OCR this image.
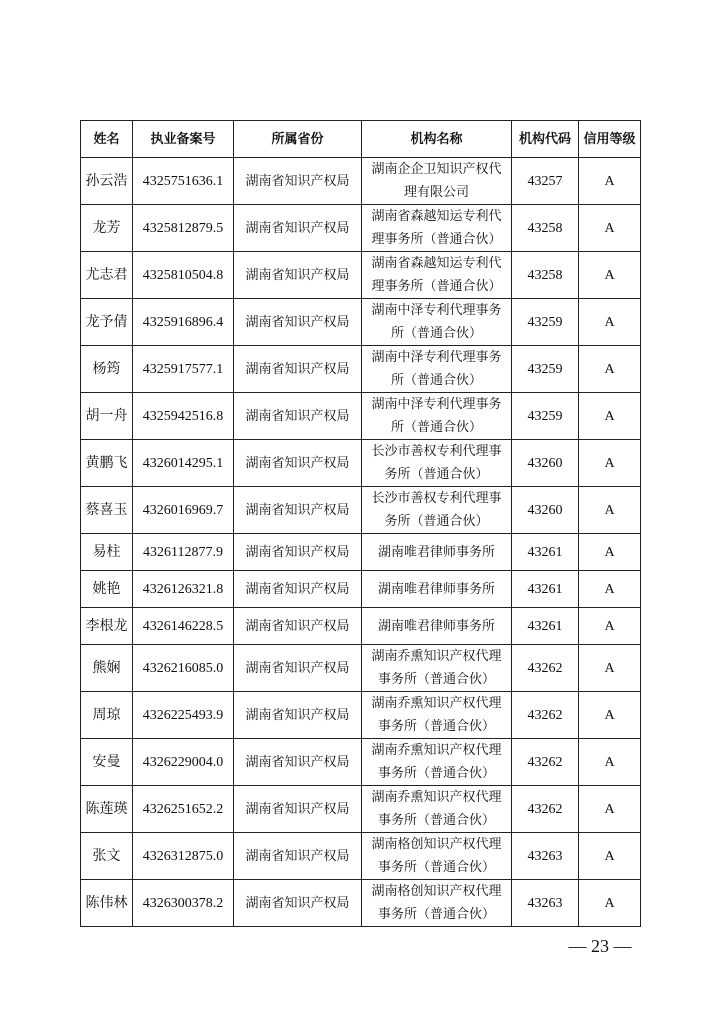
姓名	执业备案号	所属省份	机构名称	机构代码	信用等级
孙云浩	4325751636.1	湖南省知识产权局	湖南企企卫知识产权代理有限公司	43257	A
龙芳	4325812879.5	湖南省知识产权局	湖南省森越知运专利代理事务所（普通合伙）	43258	A
尤志君	4325810504.8	湖南省知识产权局	湖南省森越知运专利代理事务所（普通合伙）	43258	A
龙予倩	4325916896.4	湖南省知识产权局	湖南中泽专利代理事务所（普通合伙）	43259	A
杨筠	4325917577.1	湖南省知识产权局	湖南中泽专利代理事务所（普通合伙）	43259	A
胡一舟	4325942516.8	湖南省知识产权局	湖南中泽专利代理事务所（普通合伙）	43259	A
黄鹏飞	4326014295.1	湖南省知识产权局	长沙市善权专利代理事务所（普通合伙）	43260	A
蔡喜玉	4326016969.7	湖南省知识产权局	长沙市善权专利代理事务所（普通合伙）	43260	A
易柱	4326112877.9	湖南省知识产权局	湖南唯君律师事务所	43261	A
姚艳	4326126321.8	湖南省知识产权局	湖南唯君律师事务所	43261	A
李根龙	4326146228.5	湖南省知识产权局	湖南唯君律师事务所	43261	A
熊娴	4326216085.0	湖南省知识产权局	湖南乔熏知识产权代理事务所（普通合伙）	43262	A
周琼	4326225493.9	湖南省知识产权局	湖南乔熏知识产权代理事务所（普通合伙）	43262	A
安曼	4326229004.0	湖南省知识产权局	湖南乔熏知识产权代理事务所（普通合伙）	43262	A
陈莲瑛	4326251652.2	湖南省知识产权局	湖南乔熏知识产权代理事务所（普通合伙）	43262	A
张文	4326312875.0	湖南省知识产权局	湖南格创知识产权代理事务所（普通合伙）	43263	A
陈伟林	4326300378.2	湖南省知识产权局	湖南格创知识产权代理事务所（普通合伙）	43263	A
— 23 —
